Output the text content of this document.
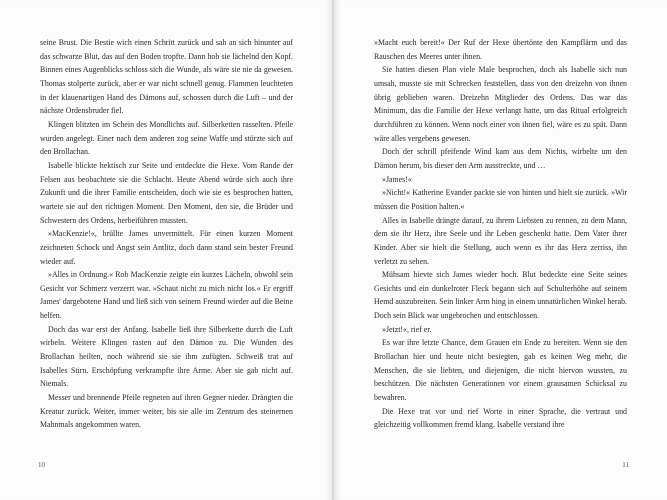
seine Brust. Die Bestie wich einen Schritt zurück und sah an sich hinunter auf das schwarze Blut, das auf den Boden tropfte. Dann hob sie lächelnd den Kopf. Binnen eines Augenblicks schloss sich die Wunde, als wäre sie nie da gewesen. Thomas stolperte zurück, aber er war nicht schnell genug. Flammen leuchteten in der klauenartigen Hand des Dämons auf, schossen durch die Luft – und der nächste Ordensbruder fiel.

Klingen blitzten im Schein des Mondlichts auf. Silberketten rasselten. Pfeile wurden angelegt. Einer nach dem anderen zog seine Waffe und stürzte sich auf den Brollachan.

Isabelle blickte hektisch zur Seite und entdeckte die Hexe. Vom Rande der Felsen aus beobachtete sie die Schlacht. Heute Abend würde sich auch ihre Zukunft und die ihrer Familie entscheiden, doch wie sie es besprochen hatten, wartete sie auf den richtigen Moment. Den Moment, den sie, die Brüder und Schwestern des Ordens, herbeiführen mussten.

»MacKenzie!«, brüllte James unvermittelt. Für einen kurzen Moment zeichneten Schock und Angst sein Antlitz, doch dann stand sein bester Freund wieder auf.

»Alles in Ordnung.« Rob MacKenzie zeigte ein kurzes Lächeln, obwohl sein Gesicht vor Schmerz verzerrt war. »Schaut nicht zu mich nicht los.« Er ergriff James' dargebotene Hand und ließ sich von seinem Freund wieder auf die Beine helfen.

Doch das war erst der Anfang. Isabelle ließ ihre Silberkette durch die Luft wirbeln. Weitere Klingen rasten auf den Dämon zu. Die Wunden des Brollachan heilten, noch während sie sie ihm zufügten. Schweiß trat auf Isabelles Stirn. Erschöpfung verkrampfte ihre Arme. Aber sie gab nicht auf. Niemals.

Messer und brennende Pfeile regneten auf ihren Gegner nieder. Drängten die Kreatur zurück. Weiter, immer weiter, bis sie alle im Zentrum des steinernen Mahnmals angekommen waren.

10

»Macht euch bereit!« Der Ruf der Hexe übertönte den Kampflärm und das Rauschen des Meeres unter ihnen.

Sie hatten diesen Plan viele Male besprochen, doch als Isabelle sich nun umsah, musste sie mit Schrecken feststellen, dass von den dreizehn von ihnen übrig geblieben waren. Dreizehn Mitglieder des Ordens. Das war das Minimum, das die Familie der Hexe verlangt hatte, um das Ritual erfolgreich durchführen zu können. Wenn noch einer von ihnen fiel, wäre es zu spät. Dann wäre alles vergebens gewesen.

Doch der schrill pfeifende Wind kam aus dem Nichts, wirbelte um den Dämon herum, bis dieser den Arm ausstreckte, und …

»James!«

»Nicht!« Katherine Evander packte sie von hinten und hielt sie zurück. »Wir müssen die Position halten.«

Alles in Isabelle drängte darauf, zu ihrem Liebsten zu rennen, zu dem Mann, dem sie ihr Herz, ihre Seele und ihr Leben geschenkt hatte. Dem Vater ihrer Kinder. Aber sie hielt die Stellung, auch wenn es ihr das Herz zerriss, ihn verletzt zu sehen.

Mühsam hievte sich James wieder hoch. Blut bedeckte eine Seite seines Gesichts und ein dunkelroter Fleck begann sich auf Schulterhöhe auf seinem Hemd auszubreiten. Sein linker Arm hing in einem unnatürlichen Winkel herab. Doch sein Blick war ungebrochen und entschlossen.

»Jetzt!«, rief er.

Es war ihre letzte Chance, dem Grauen ein Ende zu bereiten. Wenn sie den Brollachan hier und heute nicht besiegten, gab es keinen Weg mehr, die Menschen, die sie liebten, und diejenigen, die nicht hiervon wussten, zu beschützen. Die nächsten Generationen vor einem grausamen Schicksal zu bewahren.

Die Hexe trat vor und rief Worte in einer Sprache, die vertraut und gleichzeitig vollkommen fremd klang. Isabelle verstand ihre

11
